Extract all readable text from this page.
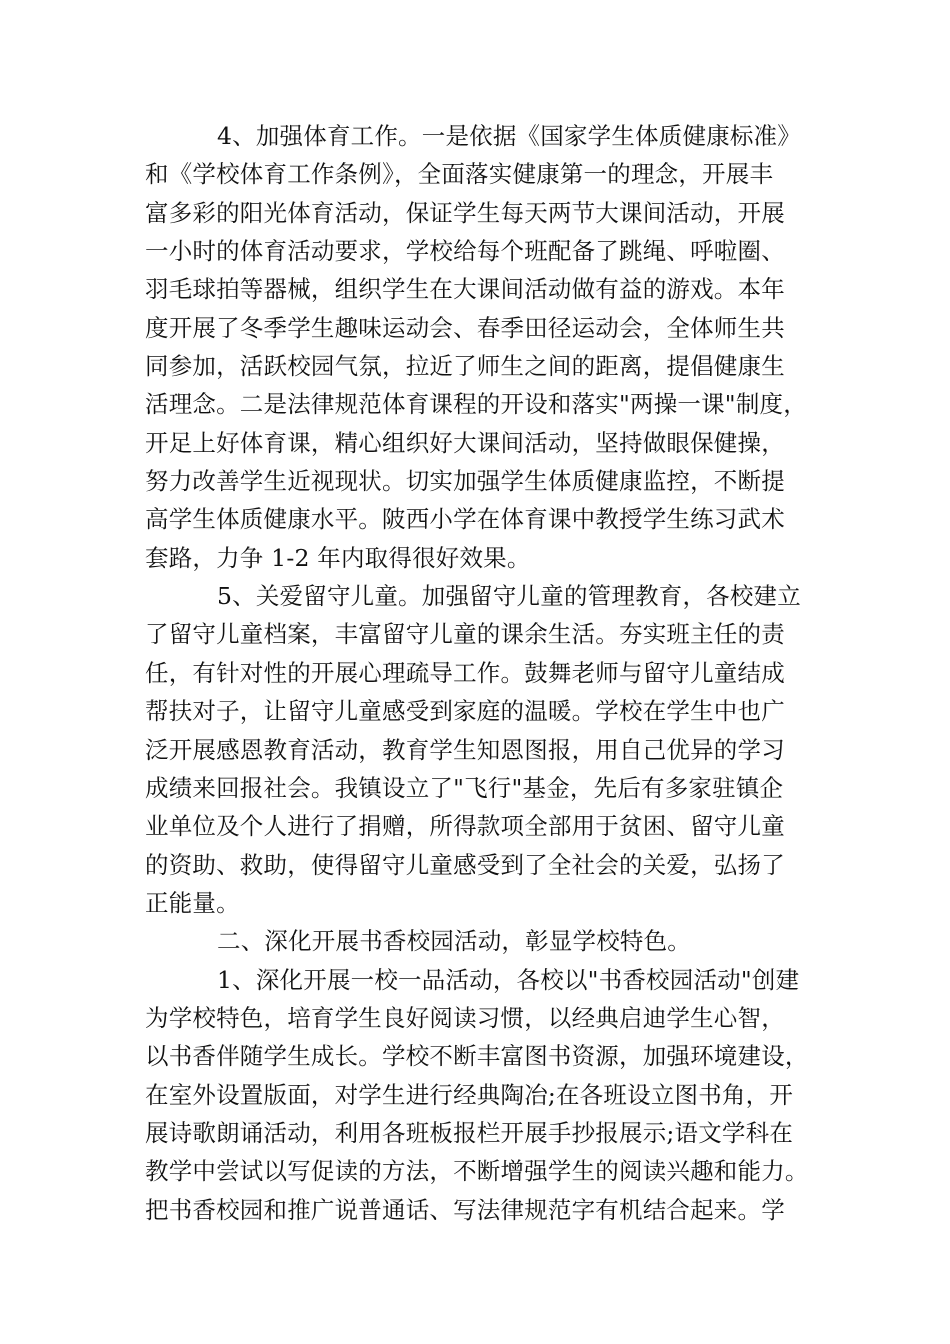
4、加强体育工作。一是依据《国家学生体质健康标准》
和《学校体育工作条例》，全面落实健康第一的理念，开展丰
富多彩的阳光体育活动，保证学生每天两节大课间活动，开展
一小时的体育活动要求，学校给每个班配备了跳绳、呼啦圈、
羽毛球拍等器械，组织学生在大课间活动做有益的游戏。本年
度开展了冬季学生趣味运动会、春季田径运动会，全体师生共
同参加，活跃校园气氛，拉近了师生之间的距离，提倡健康生
活理念。二是法律规范体育课程的开设和落实"两操一课"制度，
开足上好体育课，精心组织好大课间活动，坚持做眼保健操，
努力改善学生近视现状。切实加强学生体质健康监控，不断提
高学生体质健康水平。陂西小学在体育课中教授学生练习武术
套路，力争 1-2 年内取得很好效果。
5、关爱留守儿童。加强留守儿童的管理教育，各校建立
了留守儿童档案，丰富留守儿童的课余生活。夯实班主任的责
任，有针对性的开展心理疏导工作。鼓舞老师与留守儿童结成
帮扶对子，让留守儿童感受到家庭的温暖。学校在学生中也广
泛开展感恩教育活动，教育学生知恩图报，用自己优异的学习
成绩来回报社会。我镇设立了"飞行"基金，先后有多家驻镇企
业单位及个人进行了捐赠，所得款项全部用于贫困、留守儿童
的资助、救助，使得留守儿童感受到了全社会的关爱，弘扬了
正能量。
二、深化开展书香校园活动，彰显学校特色。
1、深化开展一校一品活动，各校以"书香校园活动"创建
为学校特色，培育学生良好阅读习惯，以经典启迪学生心智，
以书香伴随学生成长。学校不断丰富图书资源，加强环境建设，
在室外设置版面，对学生进行经典陶冶;在各班设立图书角，开
展诗歌朗诵活动，利用各班板报栏开展手抄报展示;语文学科在
教学中尝试以写促读的方法，不断增强学生的阅读兴趣和能力。
把书香校园和推广说普通话、写法律规范字有机结合起来。学
